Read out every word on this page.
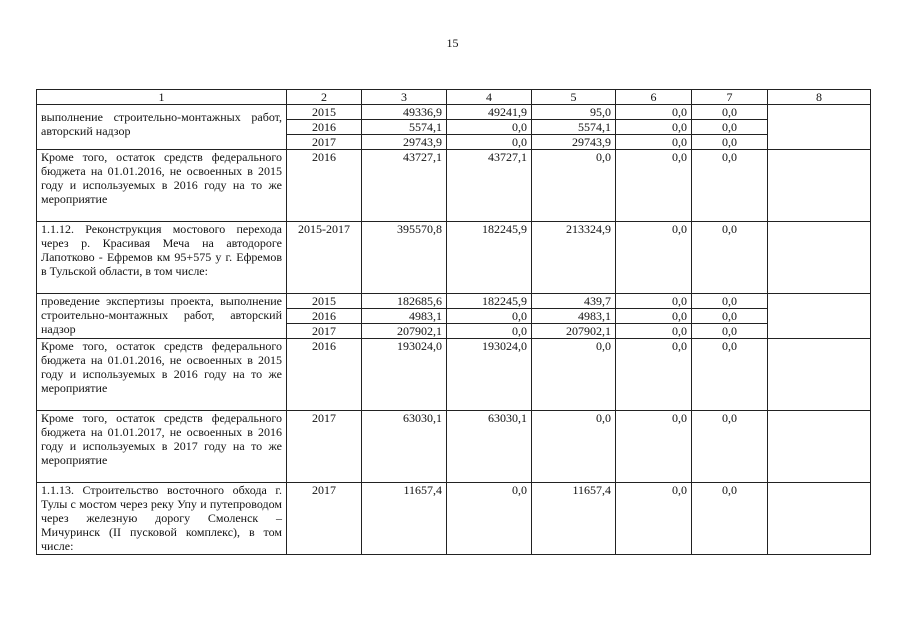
15
1	2	3	4	5	6	7	8
выполнение строительно-монтажных работ, авторский надзор	2015	49336,9	49241,9	95,0	0,0	0,0	
	2016	5574,1	0,0	5574,1	0,0	0,0	
	2017	29743,9	0,0	29743,9	0,0	0,0	
Кроме того, остаток средств федерального бюджета на 01.01.2016, не освоенных в 2015 году и используемых в 2016 году на то же мероприятие	2016	43727,1	43727,1	0,0	0,0	0,0	
1.1.12. Реконструкция мостового перехода через р. Красивая Меча на автодороге Лапотково - Ефремов км 95+575 у г. Ефремов в Тульской области, в том числе:	2015-2017	395570,8	182245,9	213324,9	0,0	0,0	
проведение экспертизы проекта, выполнение строительно-монтажных работ, авторский надзор	2015	182685,6	182245,9	439,7	0,0	0,0	
	2016	4983,1	0,0	4983,1	0,0	0,0	
	2017	207902,1	0,0	207902,1	0,0	0,0	
Кроме того, остаток средств федерального бюджета на 01.01.2016, не освоенных в 2015 году и используемых в 2016 году на то же мероприятие	2016	193024,0	193024,0	0,0	0,0	0,0	
Кроме того, остаток средств федерального бюджета на 01.01.2017, не освоенных в 2016 году и используемых в 2017 году на то же мероприятие	2017	63030,1	63030,1	0,0	0,0	0,0	
1.1.13. Строительство восточного обхода г. Тулы с мостом через реку Упу и путепроводом через железную дорогу Смоленск – Мичуринск (II пусковой комплекс), в том числе:	2017	11657,4	0,0	11657,4	0,0	0,0	
